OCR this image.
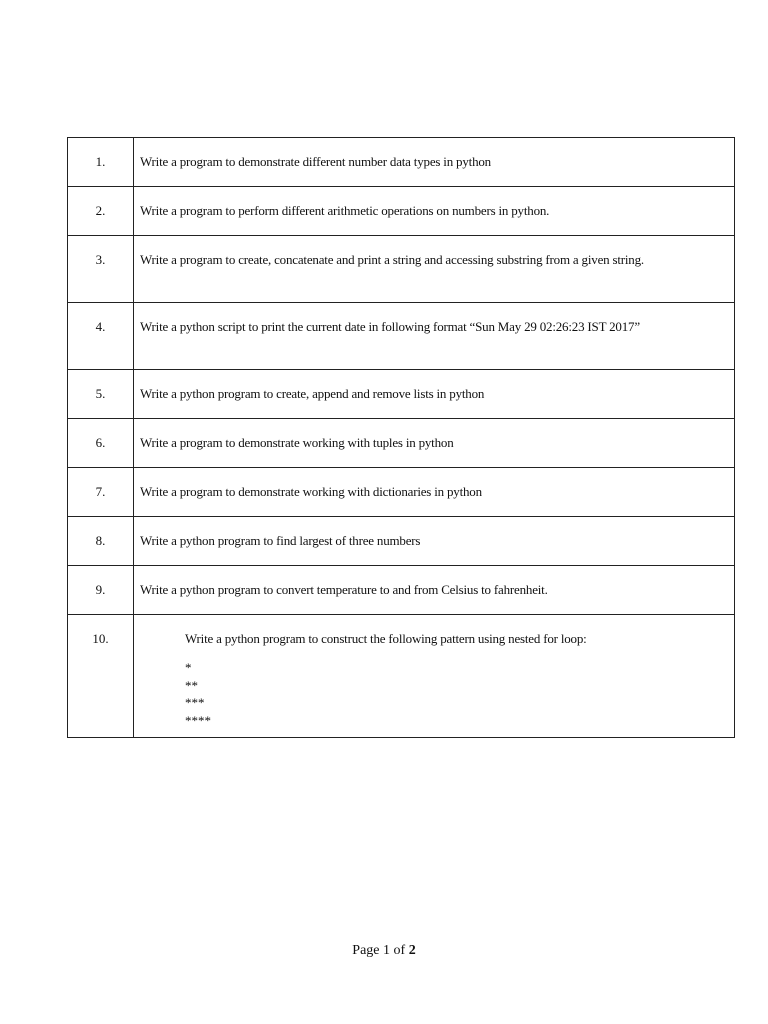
1.	Write a program to demonstrate different number data types in python

2.	Write a program to perform different arithmetic operations on numbers in python.

3.	Write a program to create, concatenate and print a string and accessing substring from a given string.

4.	Write a python script to print the current date in following format “Sun May 29 02:26:23 IST 2017”

5.	Write a python program to create, append and remove lists in python

6.	Write a program to demonstrate working with tuples in python

7.	Write a program to demonstrate working with dictionaries in python

8.	Write a python program to find largest of three numbers

9.	Write a python program to convert temperature to and from Celsius to fahrenheit.

10.	Write a python program to construct the following pattern using nested for loop:
*
**
***
****
Page 1 of 2
